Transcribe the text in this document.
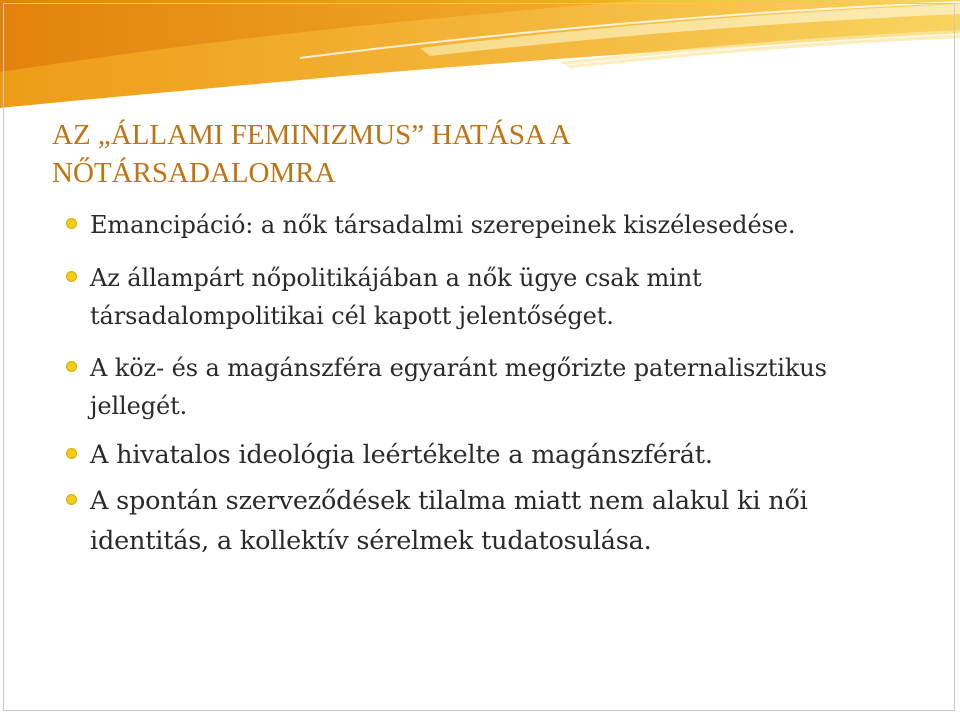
AZ „ÁLLAMI FEMINIZMUS” HATÁSA A
NŐTÁRSADALOMRA
Emancipáció: a nők társadalmi szerepeinek kiszélesedése.
Az állampárt nőpolitikájában a nők ügye csak mint társadalompolitikai cél kapott jelentőséget.
A köz- és a magánszféra egyaránt megőrizte paternalisztikus jellegét.
A hivatalos ideológia leértékelte a magánszférát.
A spontán szerveződések tilalma miatt nem alakul ki női identitás, a kollektív sérelmek tudatosulása.
